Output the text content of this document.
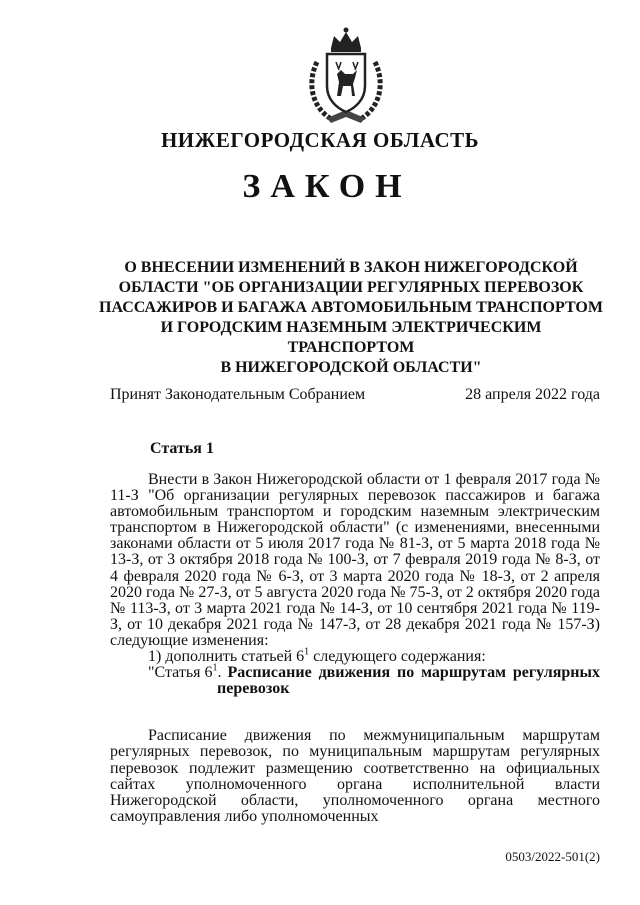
НИЖЕГОРОДСКАЯ ОБЛАСТЬ
ЗАКОН
О ВНЕСЕНИИ ИЗМЕНЕНИЙ В ЗАКОН НИЖЕГОРОДСКОЙ
ОБЛАСТИ "ОБ ОРГАНИЗАЦИИ РЕГУЛЯРНЫХ ПЕРЕВОЗОК
ПАССАЖИРОВ И БАГАЖА АВТОМОБИЛЬНЫМ ТРАНСПОРТОМ
И ГОРОДСКИМ НАЗЕМНЫМ ЭЛЕКТРИЧЕСКИМ ТРАНСПОРТОМ
В НИЖЕГОРОДСКОЙ ОБЛАСТИ"
Принят Законодательным Собранием	28 апреля 2022 года
Статья 1

Внести в Закон Нижегородской области от 1 февраля 2017 года № 11-З "Об организации регулярных перевозок пассажиров и багажа автомобильным транспортом и городским наземным электрическим транспортом в Нижегородской области" (с изменениями, внесенными законами области от 5 июля 2017 года № 81-З, от 5 марта 2018 года № 13-З, от 3 октября 2018 года № 100-З, от 7 февраля 2019 года № 8-З, от 4 февраля 2020 года № 6-З, от 3 марта 2020 года № 18-З, от 2 апреля 2020 года № 27-З, от 5 августа 2020 года № 75-З, от 2 октября 2020 года № 113-З, от 3 марта 2021 года № 14-З, от 10 сентября 2021 года № 119-З, от 10 декабря 2021 года № 147-З, от 28 декабря 2021 года № 157-З) следующие изменения:

1) дополнить статьей $6^1$ следующего содержания:

"Статья $6^1$. Расписание движения по маршрутам регулярных
перевозок

Расписание движения по межмуниципальным маршрутам регулярных перевозок, по муниципальным маршрутам регулярных перевозок подлежит размещению соответственно на официальных сайтах уполномоченного органа исполнительной власти Нижегородской области, уполномоченного органа местного самоуправления либо уполномоченных

0503/2022-501(2)
